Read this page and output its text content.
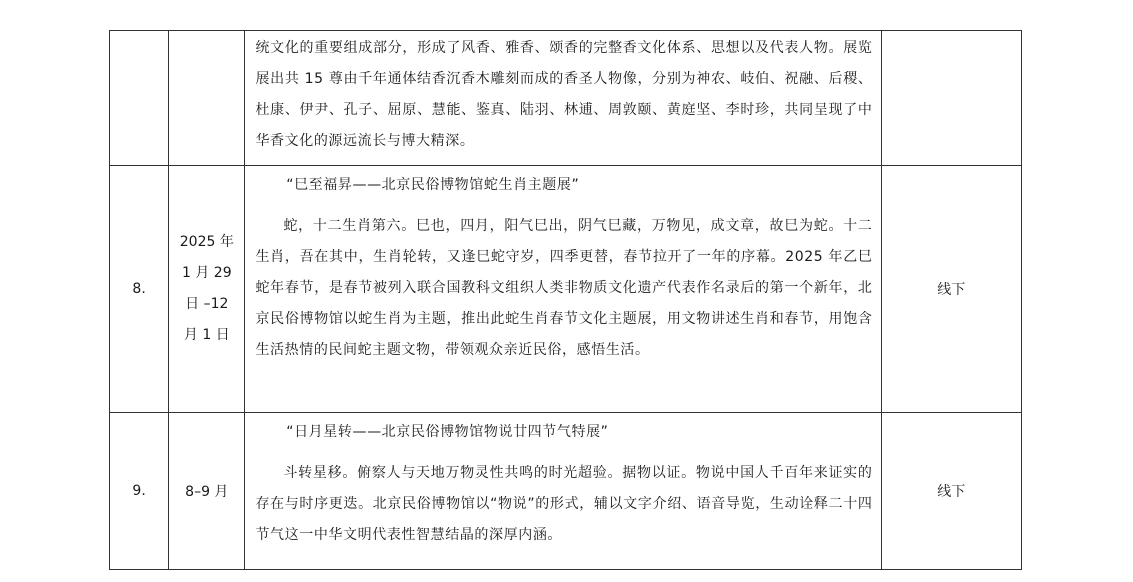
		统文化的重要组成部分，形成了风香、雅香、颂香的完整香文化体系、思想以及代表人物。展览展出共 15 尊由千年通体结香沉香木雕刻而成的香圣人物像，分别为神农、岐伯、祝融、后稷、杜康、伊尹、孔子、屈原、慧能、鉴真、陆羽、林逋、周敦颐、黄庭坚、李时珍，共同呈现了中华香文化的源远流长与博大精深。	

8.	2025 年 1 月 29 日 –12 月 1 日	“巳至福昇——北京民俗博物馆蛇生肖主题展”

蛇，十二生肖第六。巳也，四月，阳气巳出，阴气巳藏，万物见，成文章，故巳为蛇。十二生肖，吾在其中，生肖轮转，又逢巳蛇守岁，四季更替，春节拉开了一年的序幕。2025 年乙巳蛇年春节，是春节被列入联合国教科文组织人类非物质文化遗产代表作名录后的第一个新年，北京民俗博物馆以蛇生肖为主题，推出此蛇生肖春节文化主题展，用文物讲述生肖和春节，用饱含生活热情的民间蛇主题文物，带领观众亲近民俗，感悟生活。	线下
9.	8–9 月	“日月星转——北京民俗博物馆物说廿四节气特展”

斗转星移。俯察人与天地万物灵性共鸣的时光超验。据物以证。物说中国人千百年来证实的存在与时序更迭。北京民俗博物馆以“物说”的形式，辅以文字介绍、语音导览，生动诠释二十四节气这一中华文明代表性智慧结晶的深厚内涵。	线下
